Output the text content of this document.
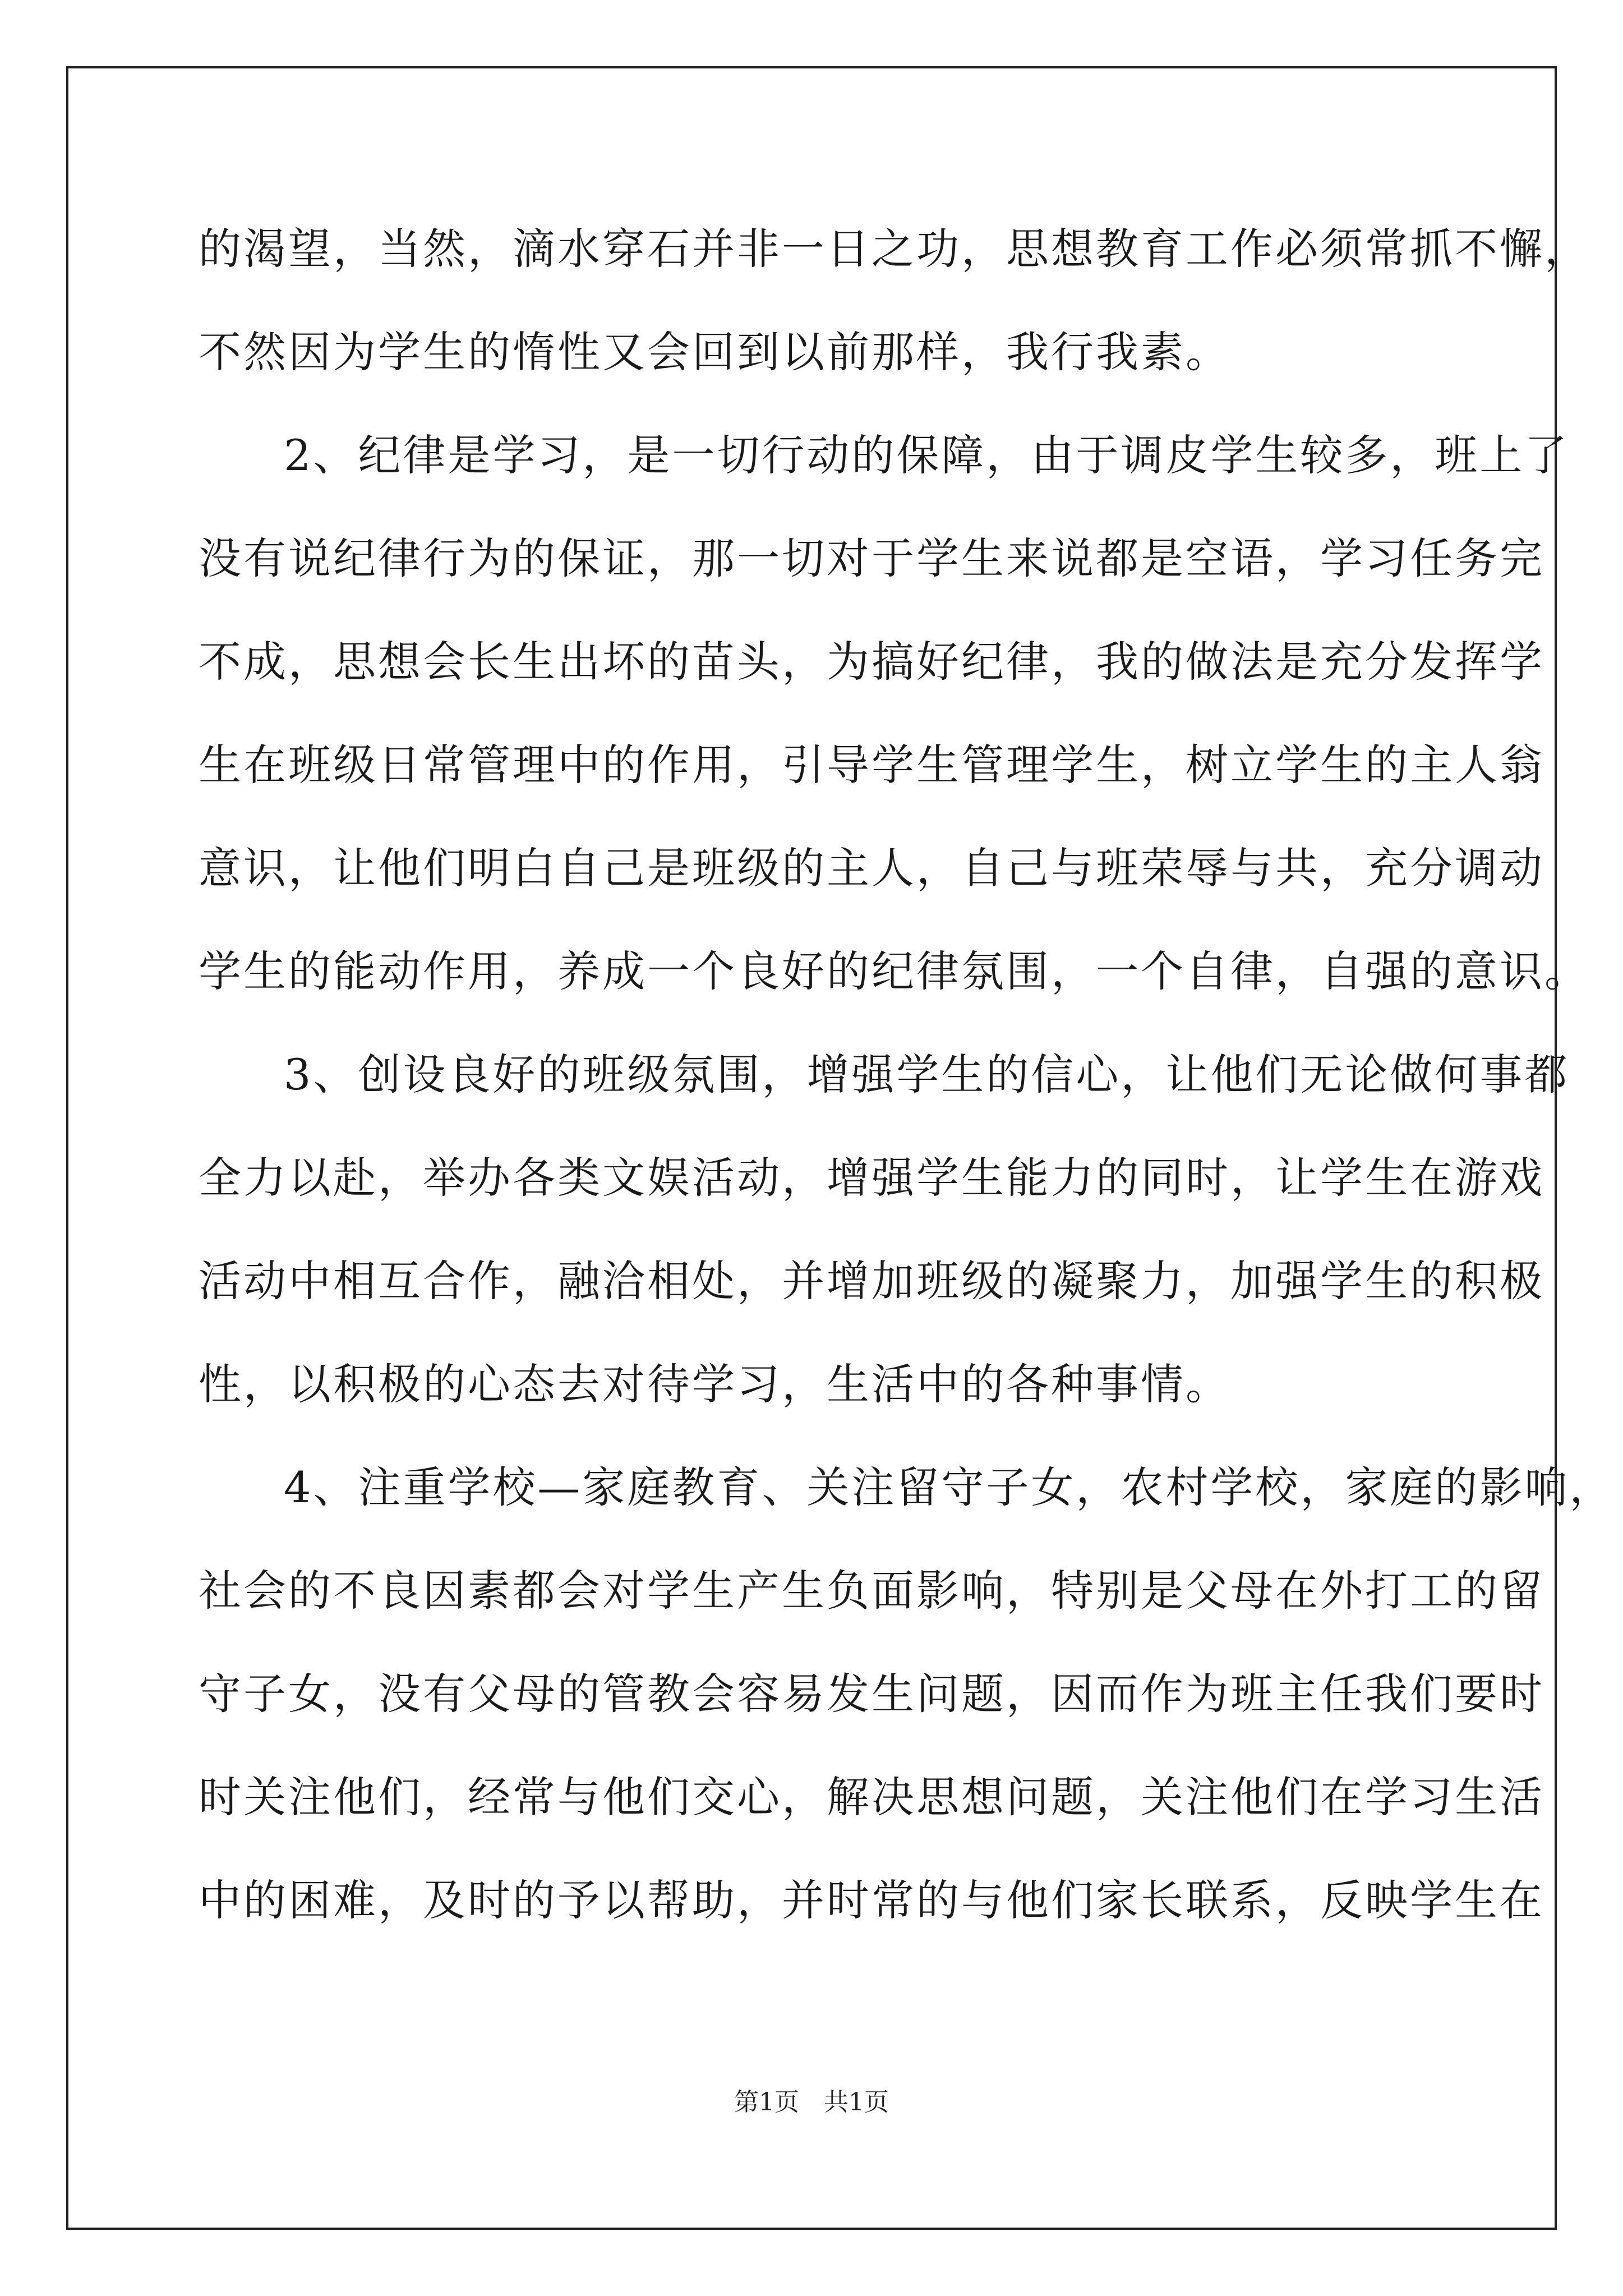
的渴望，当然，滴水穿石并非一日之功，思想教育工作必须常抓不懈，
不然因为学生的惰性又会回到以前那样，我行我素。
2、纪律是学习，是一切行动的保障，由于调皮学生较多，班上了
没有说纪律行为的保证，那一切对于学生来说都是空语，学习任务完
不成，思想会长生出坏的苗头，为搞好纪律，我的做法是充分发挥学
生在班级日常管理中的作用，引导学生管理学生，树立学生的主人翁
意识，让他们明白自己是班级的主人，自己与班荣辱与共，充分调动
学生的能动作用，养成一个良好的纪律氛围，一个自律，自强的意识。
3、创设良好的班级氛围，增强学生的信心，让他们无论做何事都
全力以赴，举办各类文娱活动，增强学生能力的同时，让学生在游戏
活动中相互合作，融洽相处，并增加班级的凝聚力，加强学生的积极
性，以积极的心态去对待学习，生活中的各种事情。
4、注重学校—家庭教育、关注留守子女，农村学校，家庭的影响，
社会的不良因素都会对学生产生负面影响，特别是父母在外打工的留
守子女，没有父母的管教会容易发生问题，因而作为班主任我们要时
时关注他们，经常与他们交心，解决思想问题，关注他们在学习生活
中的困难，及时的予以帮助，并时常的与他们家长联系，反映学生在
第1页　共1页
